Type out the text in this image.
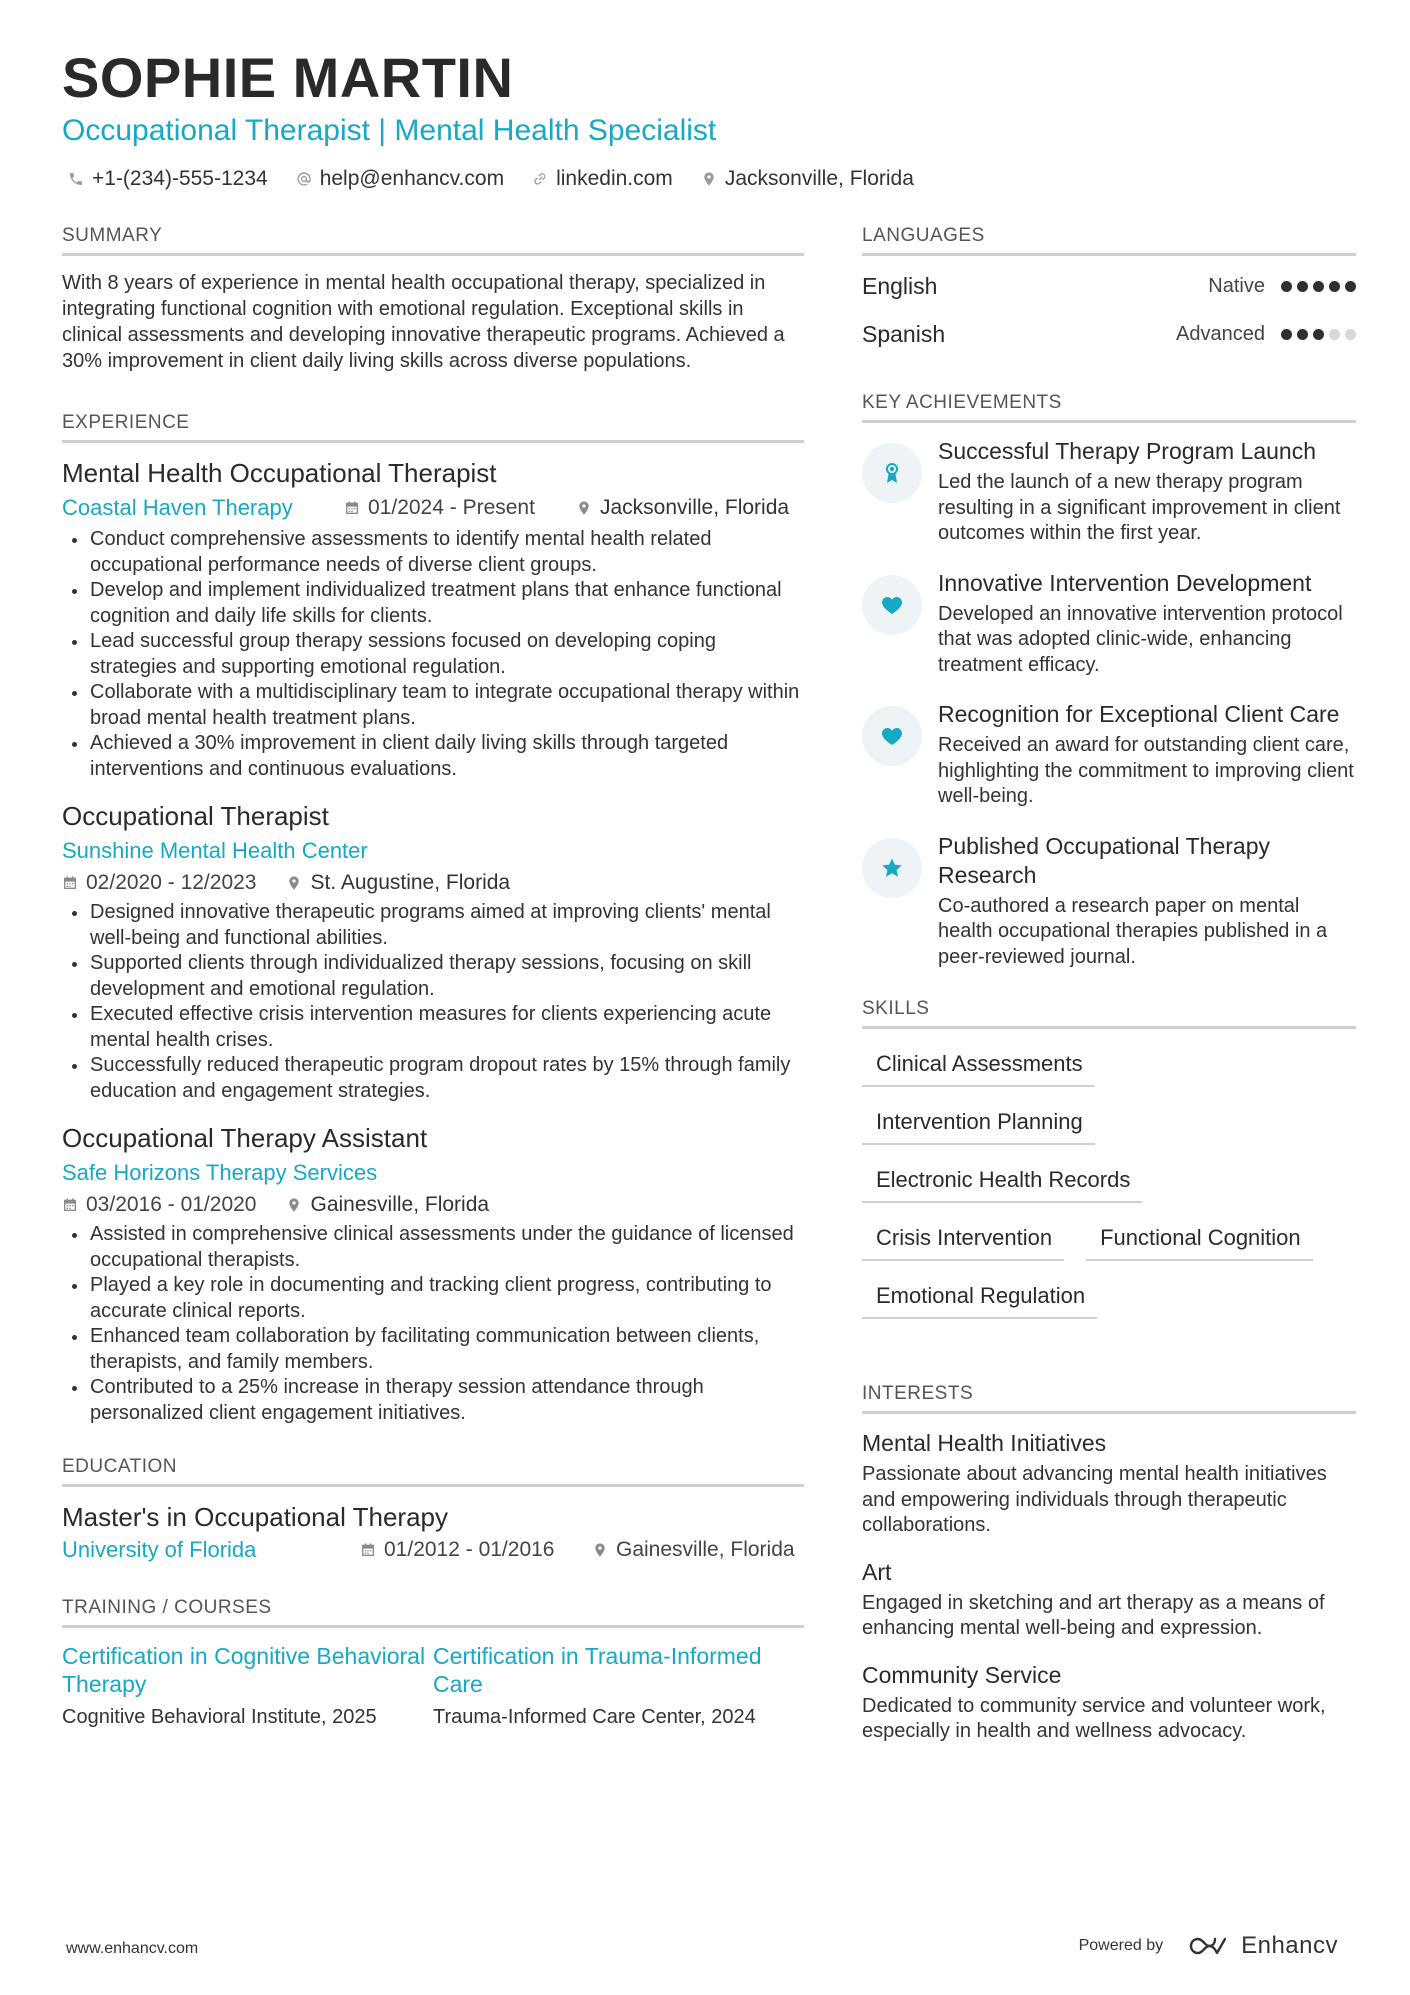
SOPHIE MARTIN
Occupational Therapist | Mental Health Specialist
+1-(234)-555-1234 help@enhancv.com linkedin.com Jacksonville, Florida
SUMMARY
With 8 years of experience in mental health occupational therapy, specialized in integrating functional cognition with emotional regulation. Exceptional skills in clinical assessments and developing innovative therapeutic programs. Achieved a 30% improvement in client daily living skills across diverse populations.
EXPERIENCE
Mental Health Occupational Therapist
Coastal Haven Therapy	01/2024 - Present	Jacksonville, Florida
Conduct comprehensive assessments to identify mental health related occupational performance needs of diverse client groups.
Develop and implement individualized treatment plans that enhance functional cognition and daily life skills for clients.
Lead successful group therapy sessions focused on developing coping strategies and supporting emotional regulation.
Collaborate with a multidisciplinary team to integrate occupational therapy within broad mental health treatment plans.
Achieved a 30% improvement in client daily living skills through targeted interventions and continuous evaluations.
Occupational Therapist
Sunshine Mental Health Center
02/2020 - 12/2023	St. Augustine, Florida
Designed innovative therapeutic programs aimed at improving clients' mental well-being and functional abilities.
Supported clients through individualized therapy sessions, focusing on skill development and emotional regulation.
Executed effective crisis intervention measures for clients experiencing acute mental health crises.
Successfully reduced therapeutic program dropout rates by 15% through family education and engagement strategies.
Occupational Therapy Assistant
Safe Horizons Therapy Services
03/2016 - 01/2020	Gainesville, Florida
Assisted in comprehensive clinical assessments under the guidance of licensed occupational therapists.
Played a key role in documenting and tracking client progress, contributing to accurate clinical reports.
Enhanced team collaboration by facilitating communication between clients, therapists, and family members.
Contributed to a 25% increase in therapy session attendance through personalized client engagement initiatives.
EDUCATION
Master's in Occupational Therapy
University of Florida	01/2012 - 01/2016	Gainesville, Florida
TRAINING / COURSES
Certification in Cognitive Behavioral Therapy
Cognitive Behavioral Institute, 2025
Certification in Trauma-Informed Care
Trauma-Informed Care Center, 2024
LANGUAGES
English	Native
Spanish	Advanced
KEY ACHIEVEMENTS
Successful Therapy Program Launch
Led the launch of a new therapy program resulting in a significant improvement in client outcomes within the first year.
Innovative Intervention Development
Developed an innovative intervention protocol that was adopted clinic-wide, enhancing treatment efficacy.
Recognition for Exceptional Client Care
Received an award for outstanding client care, highlighting the commitment to improving client well-being.
Published Occupational Therapy Research
Co-authored a research paper on mental health occupational therapies published in a peer-reviewed journal.
SKILLS
Clinical Assessments
Intervention Planning
Electronic Health Records
Crisis Intervention	Functional Cognition
Emotional Regulation
INTERESTS
Mental Health Initiatives
Passionate about advancing mental health initiatives and empowering individuals through therapeutic collaborations.
Art
Engaged in sketching and art therapy as a means of enhancing mental well-being and expression.
Community Service
Dedicated to community service and volunteer work, especially in health and wellness advocacy.
www.enhancv.com	Powered by	Enhancv
